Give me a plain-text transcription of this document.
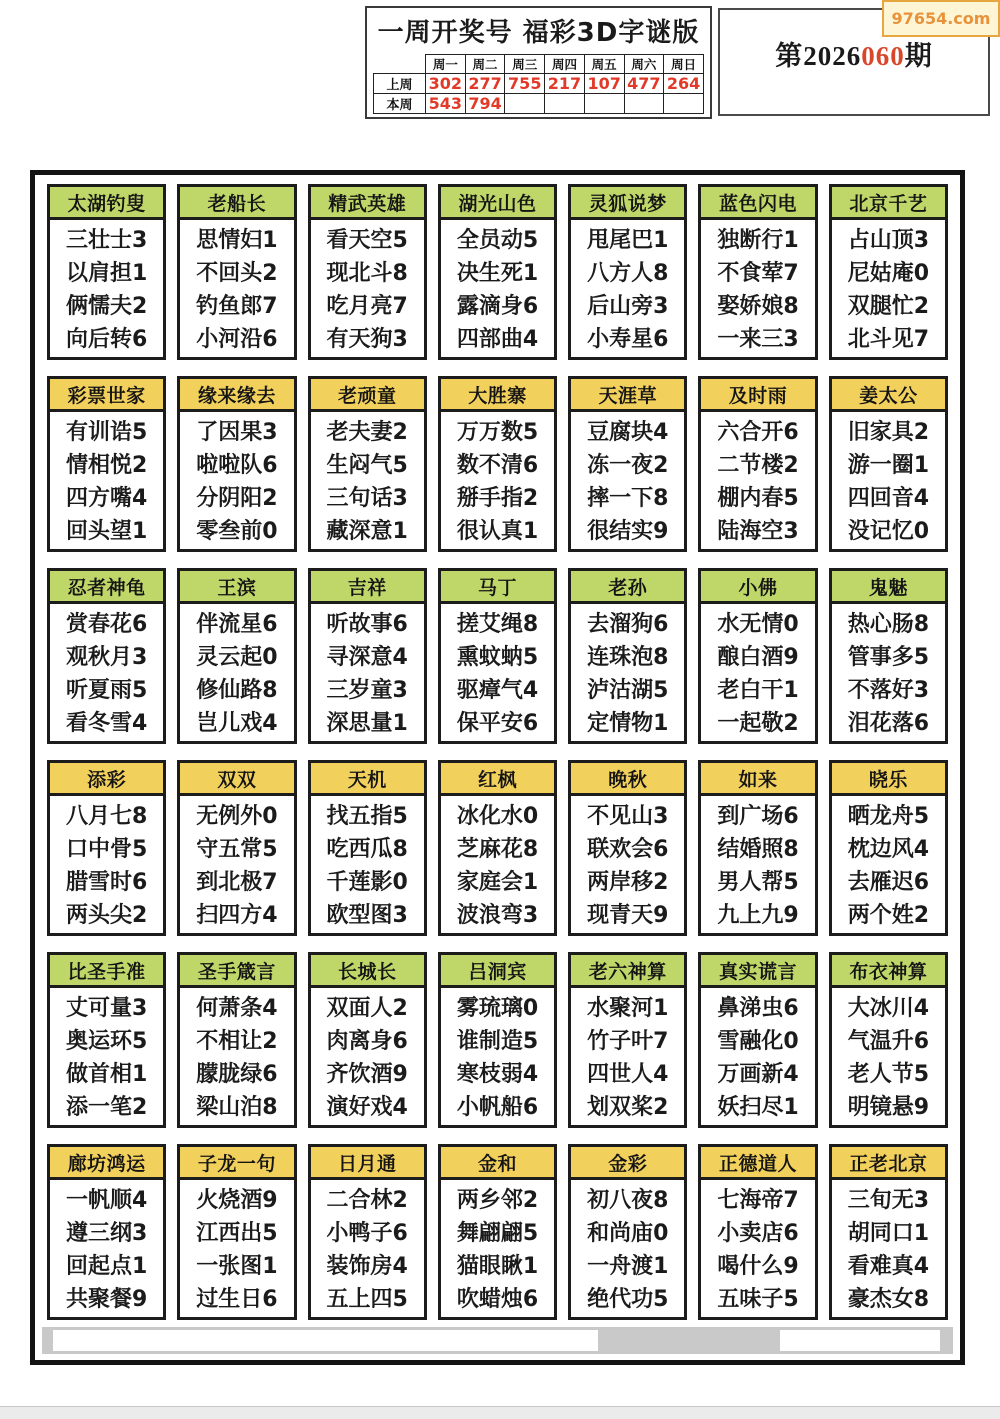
一周开奖号 福彩3D字谜版
	周一	周二	周三	周四	周五	周六	周日
上周	302	277	755	217	107	477	264
本周	543	794					
第2026060期
97654.com
太湖钓叟
三壮士3
以肩担1
俩懦夫2
向后转6
老船长
思情妇1
不回头2
钓鱼郎7
小河沿6
精武英雄
看天空5
现北斗8
吃月亮7
有天狗3
湖光山色
全员动5
决生死1
露滴身6
四部曲4
灵狐说梦
甩尾巴1
八方人8
后山旁3
小寿星6
蓝色闪电
独断行1
不食荤7
娶娇娘8
一来三3
北京千艺
占山顶3
尼姑庵0
双腿忙2
北斗见7
彩票世家
有训诰5
情相悦2
四方嘴4
回头望1
缘来缘去
了因果3
啦啦队6
分阴阳2
零叁前0
老顽童
老夫妻2
生闷气5
三句话3
藏深意1
大胜寨
万万数5
数不清6
掰手指2
很认真1
天涯草
豆腐块4
冻一夜2
摔一下8
很结实9
及时雨
六合开6
二节楼2
棚内春5
陆海空3
姜太公
旧家具2
游一圈1
四回音4
没记忆0
忍者神龟
赏春花6
观秋月3
听夏雨5
看冬雪4
王滨
伴流星6
灵云起0
修仙路8
岂儿戏4
吉祥
听故事6
寻深意4
三岁童3
深思量1
马丁
搓艾绳8
熏蚊蚋5
驱瘴气4
保平安6
老孙
去溜狗6
连珠泡8
泸沽湖5
定情物1
小佛
水无情0
酿白酒9
老白干1
一起敬2
鬼魅
热心肠8
管事多5
不落好3
泪花落6
添彩
八月七8
口中骨5
腊雪时6
两头尖2
双双
无例外0
守五常5
到北极7
扫四方4
天机
找五指5
吃西瓜8
千莲影0
欧型图3
红枫
冰化水0
芝麻花8
家庭会1
波浪弯3
晚秋
不见山3
联欢会6
两岸移2
现青天9
如来
到广场6
结婚照8
男人帮5
九上九9
晓乐
晒龙舟5
枕边风4
去雁迟6
两个姓2
比圣手准
丈可量3
奥运环5
做首相1
添一笔2
圣手箴言
何萧条4
不相让2
朦胧绿6
梁山泊8
长城长
双面人2
肉离身6
齐饮酒9
演好戏4
吕洞宾
雾琉璃0
谁制造5
寒枝弱4
小帆船6
老六神算
水聚河1
竹子叶7
四世人4
划双桨2
真实谎言
鼻涕虫6
雪融化0
万画新4
妖扫尽1
布衣神算
大冰川4
气温升6
老人节5
明镜悬9
廊坊鸿运
一帆顺4
遵三纲3
回起点1
共聚餐9
子龙一句
火烧酒9
江西出5
一张图1
过生日6
日月通
二合林2
小鸭子6
装饰房4
五上四5
金和
两乡邻2
舞翩翩5
猫眼瞅1
吹蜡烛6
金彩
初八夜8
和尚庙0
一舟渡1
绝代功5
正德道人
七海帝7
小卖店6
喝什么9
五味子5
正老北京
三旬无3
胡同口1
看难真4
豪杰女8
